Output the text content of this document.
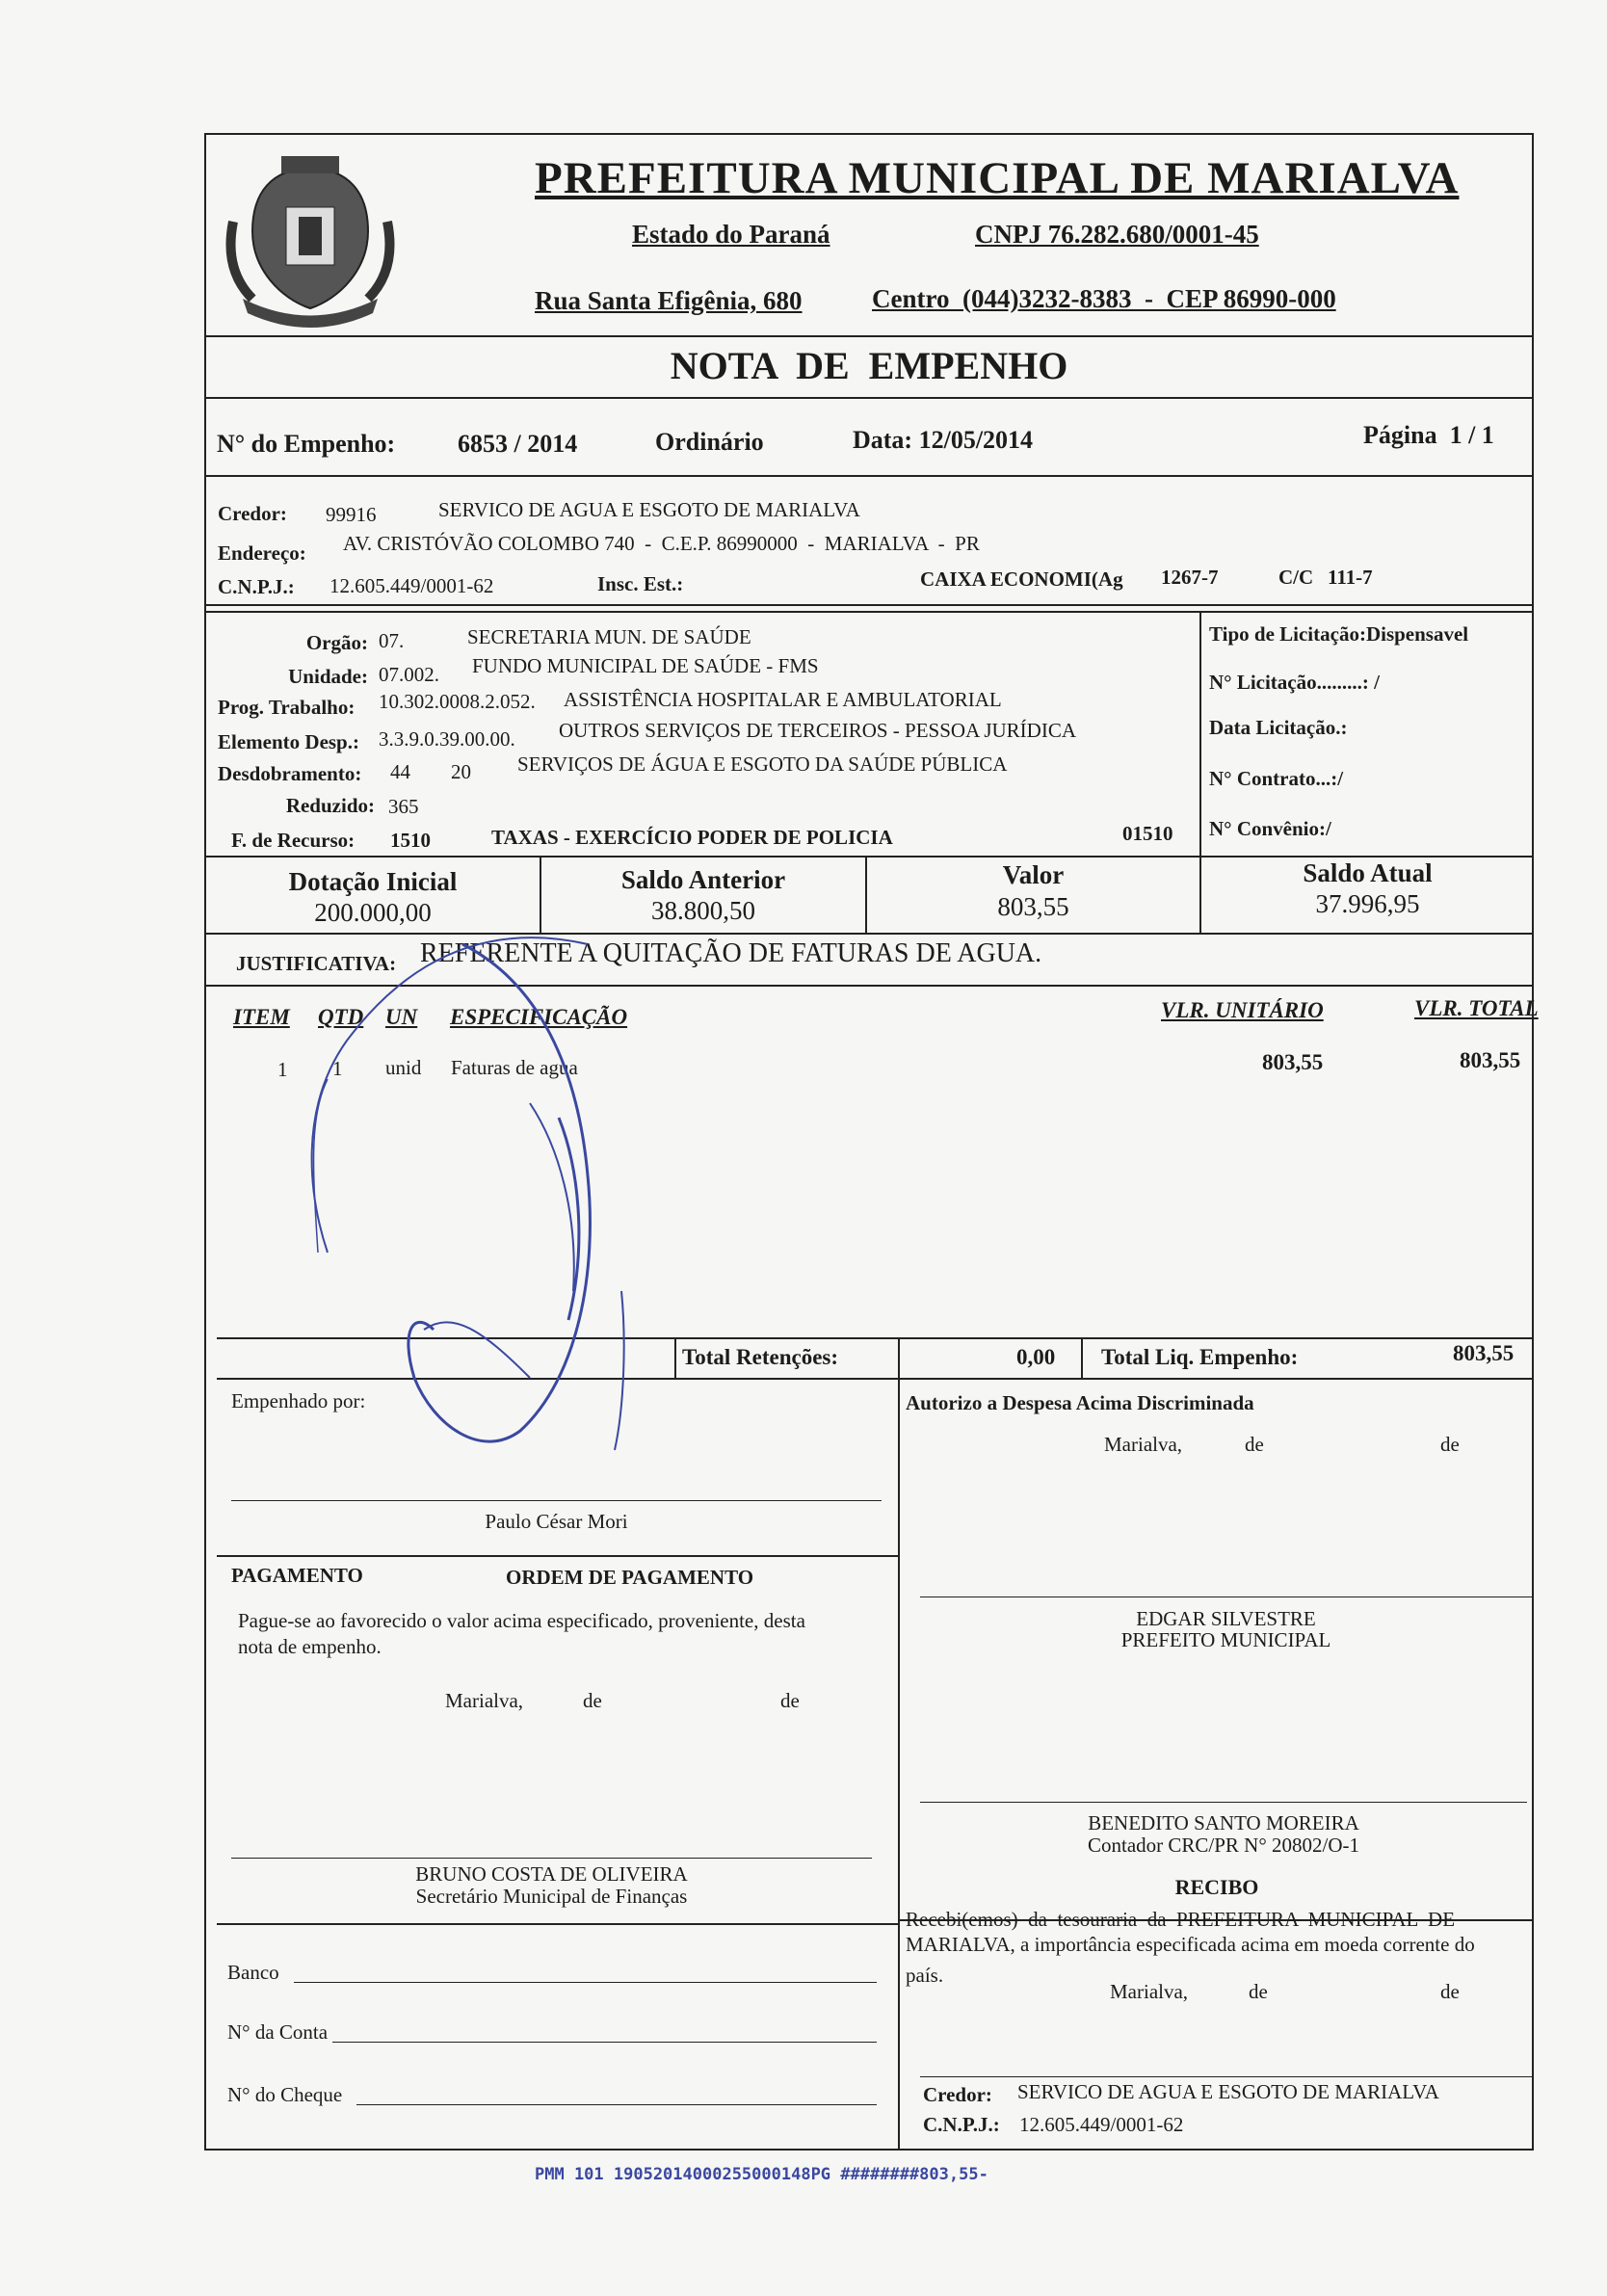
PREFEITURA MUNICIPAL DE MARIALVA
Estado do Paraná	CNPJ 76.282.680/0001-45
Rua Santa Efigênia, 680	Centro  (044)3232-8383  -  CEP 86990-000
NOTA  DE  EMPENHO
N° do Empenho: 6853 / 2014	Ordinário	Data: 12/05/2014	Página  1 / 1
Credor: 99916	SERVICO DE AGUA E ESGOTO DE MARIALVA
Endereço: AV. CRISTÓVÃO COLOMBO 740  -  C.E.P. 86990000  -  MARIALVA  -  PR
C.N.P.J.: 12.605.449/0001-62	Insc. Est.:	CAIXA ECONOMI(Ag 1267-7	C/C 111-7
Orgão: 07.	SECRETARIA MUN. DE SAÚDE
Unidade: 07.002. FUNDO MUNICIPAL DE SAÚDE - FMS
Prog. Trabalho: 10.302.0008.2.052. ASSISTÊNCIA HOSPITALAR E AMBULATORIAL
Elemento Desp.: 3.3.9.0.39.00.00. OUTROS SERVIÇOS DE TERCEIROS - PESSOA JURÍDICA
Desdobramento: 44 20 SERVIÇOS DE ÁGUA E ESGOTO DA SAÚDE PÚBLICA
Reduzido: 365
F. de Recurso: 1510	TAXAS - EXERCÍCIO PODER DE POLICIA	01510
Tipo de Licitação:Dispensavel
N° Licitação.........: /
Data Licitação.:
N° Contrato...:/
N° Convênio:/
Dotação Inicial
200.000,00
Saldo Anterior
38.800,50
Valor
803,55
Saldo Atual
37.996,95
JUSTIFICATIVA: REFERENTE A QUITAÇÃO DE FATURAS DE AGUA.
ITEM QTD UN ESPECIFICAÇÃO	VLR. UNITÁRIO	VLR. TOTAL
1 1 unid Faturas de agua	803,55	803,55
Total Retenções:	0,00 Total Liq. Empenho:	803,55
Empenhado por:
Paulo César Mori
Autorizo a Despesa Acima Discriminada
Marialva,	de	de
EDGAR SILVESTRE
PREFEITO MUNICIPAL
PAGAMENTO	ORDEM DE PAGAMENTO
Pague-se ao favorecido o valor acima especificado, proveniente, desta
nota de empenho.
Marialva,	de	de
BRUNO COSTA DE OLIVEIRA
Secretário Municipal de Finanças
Banco
N° da Conta
N° do Cheque
BENEDITO SANTO MOREIRA
Contador CRC/PR N° 20802/O-1
RECIBO
Recebi(emos)  da  tesouraria  da  PREFEITURA  MUNICIPAL  DE
MARIALVA, a importância especificada acima em moeda corrente do
país.
Marialva,	de	de
Credor: SERVICO DE AGUA E ESGOTO DE MARIALVA
C.N.P.J.: 12.605.449/0001-62
PMM 101 19052014000255000148PG ########803,55-
